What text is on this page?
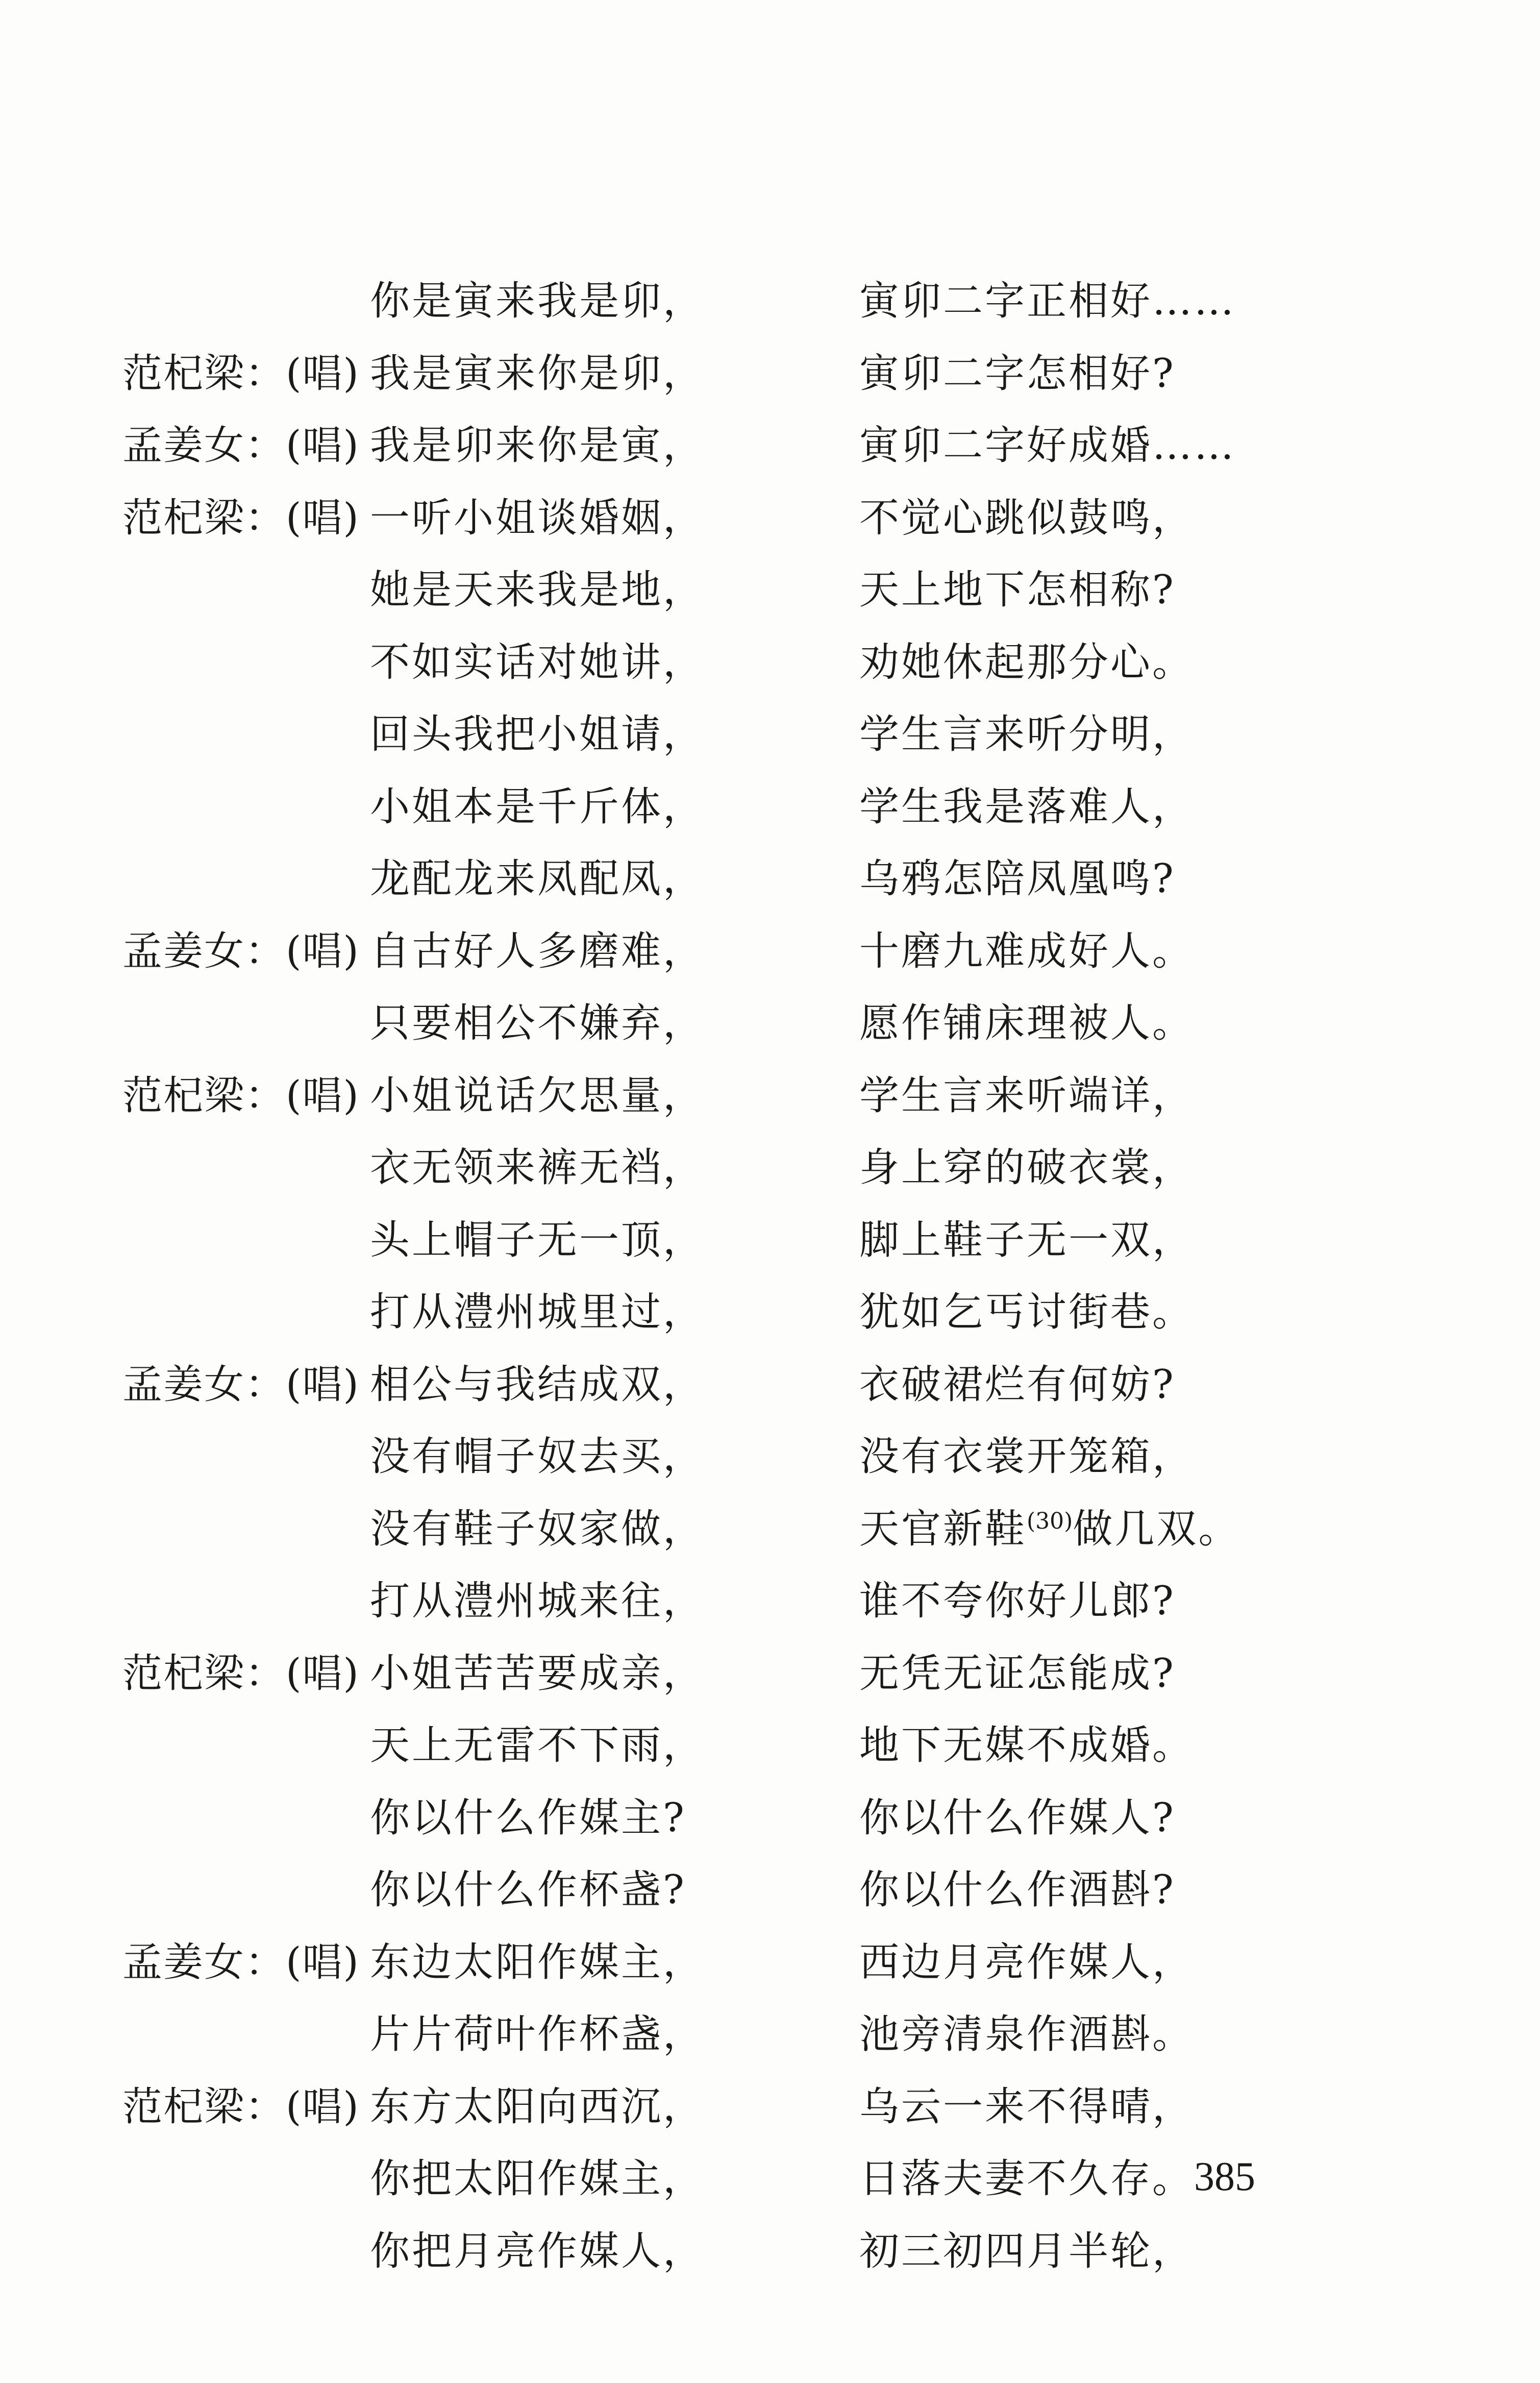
你是寅来我是卯，	寅卯二字正相好……
范杞梁：(唱) 我是寅来你是卯，	寅卯二字怎相好?
孟姜女：(唱) 我是卯来你是寅，	寅卯二字好成婚……
范杞梁：(唱) 一听小姐谈婚姻，	不觉心跳似鼓鸣，
她是天来我是地，	天上地下怎相称?
不如实话对她讲，	劝她休起那分心。
回头我把小姐请，	学生言来听分明，
小姐本是千斤体，	学生我是落难人，
龙配龙来凤配凤，	乌鸦怎陪凤凰鸣?
孟姜女：(唱) 自古好人多磨难，	十磨九难成好人。
只要相公不嫌弃，	愿作铺床理被人。
范杞梁：(唱) 小姐说话欠思量，	学生言来听端详，
衣无领来裤无裆，	身上穿的破衣裳，
头上帽子无一顶，	脚上鞋子无一双，
打从澧州城里过，	犹如乞丐讨街巷。
孟姜女：(唱) 相公与我结成双，	衣破裙烂有何妨?
没有帽子奴去买，	没有衣裳开笼箱，
没有鞋子奴家做，	天官新鞋$^{(30)}$做几双。
打从澧州城来往，	谁不夸你好儿郎?
范杞梁：(唱) 小姐苦苦要成亲，	无凭无证怎能成?
天上无雷不下雨，	地下无媒不成婚。
你以什么作媒主?	你以什么作媒人?
你以什么作杯盏?	你以什么作酒斟?
孟姜女：(唱) 东边太阳作媒主，	西边月亮作媒人，
片片荷叶作杯盏，	池旁清泉作酒斟。
范杞梁：(唱) 东方太阳向西沉，	乌云一来不得晴，
你把太阳作媒主，	日落夫妻不久存。
你把月亮作媒人，	初三初四月半轮，
385
